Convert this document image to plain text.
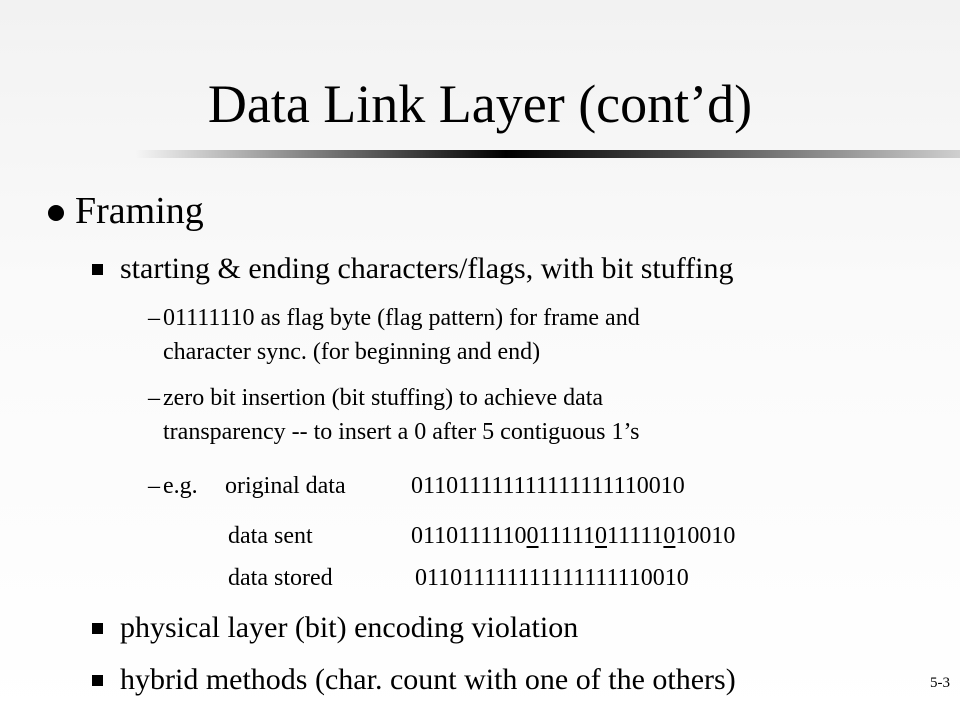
Data Link Layer (cont’d)
Framing
starting & ending characters/flags, with bit stuffing
– 01111110 as flag byte (flag pattern) for frame and
character sync. (for beginning and end)
– zero bit insertion (bit stuffing) to achieve data
transparency -- to insert a 0 after 5 contiguous 1’s
– e.g. original data	011011111111111111110010
data sent	0110111110011111011111010010
data stored	011011111111111111110010
physical layer (bit) encoding violation
hybrid methods (char. count with one of the others)	5-3
